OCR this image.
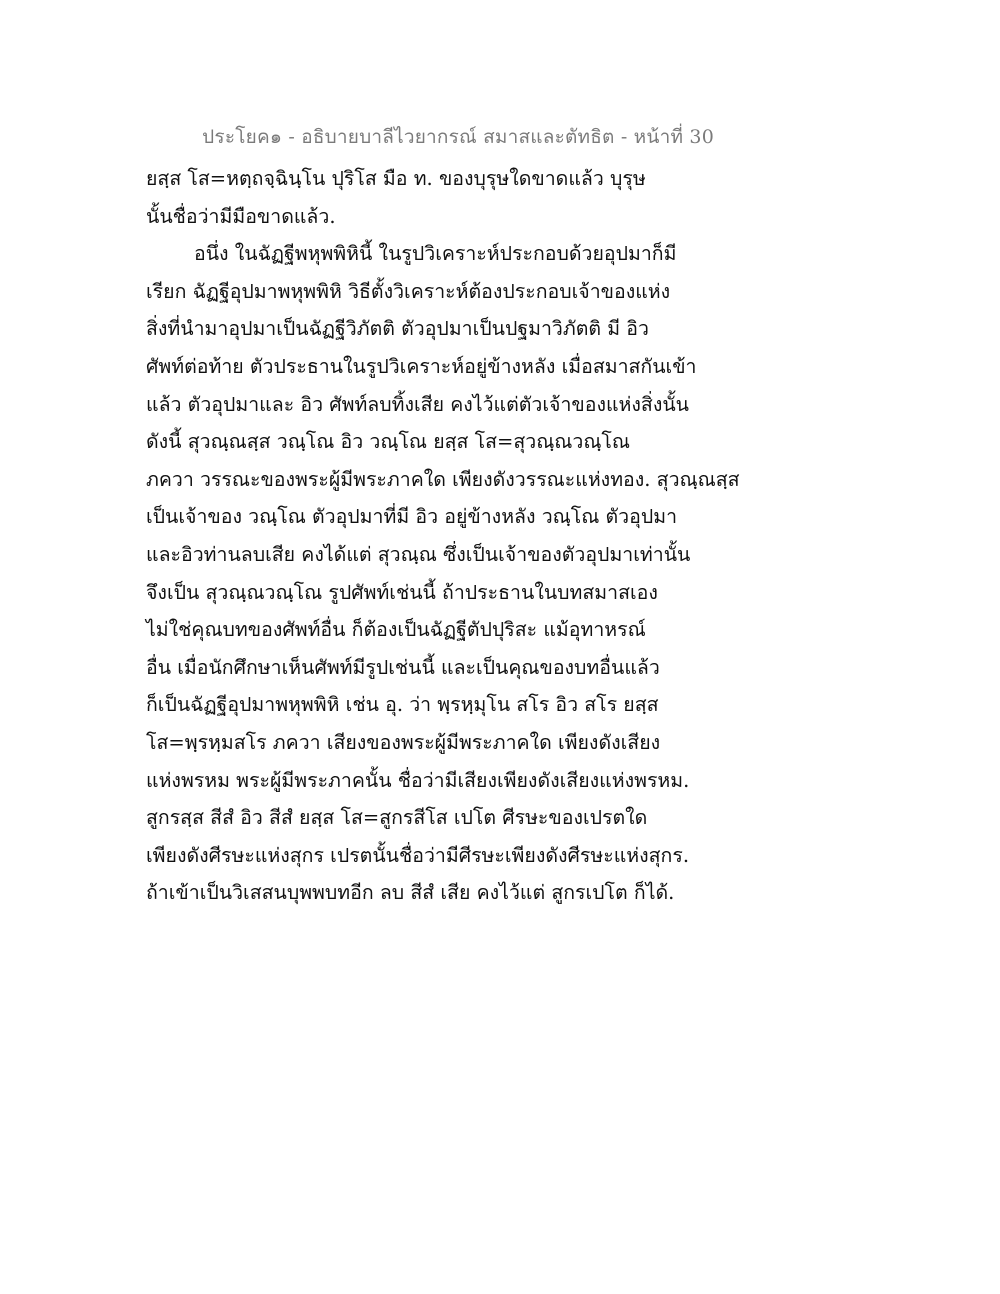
ประโยค๑ - อธิบายบาลีไวยากรณ์ สมาสและตัทธิต - หน้าที่ 30
ยสฺส โส=หตฺถจฺฉินฺโน ปุริโส มือ ท. ของบุรุษใดขาดแล้ว บุรุษ
นั้นชื่อว่ามีมือขาดแล้ว.
อนึ่ง ในฉัฏฐีพหุพพิหินี้ ในรูปวิเคราะห์ประกอบด้วยอุปมาก็มี
เรียก ฉัฏฐีอุปมาพหุพพิหิ วิธีตั้งวิเคราะห์ต้องประกอบเจ้าของแห่ง
สิ่งที่นำมาอุปมาเป็นฉัฏฐีวิภัตติ ตัวอุปมาเป็นปฐมาวิภัตติ มี อิว
ศัพท์ต่อท้าย ตัวประธานในรูปวิเคราะห์อยู่ข้างหลัง เมื่อสมาสกันเข้า
แล้ว ตัวอุปมาและ อิว ศัพท์ลบทิ้งเสีย คงไว้แต่ตัวเจ้าของแห่งสิ่งนั้น
ดังนี้ สุวณฺณสฺส วณฺโณ อิว วณฺโณ ยสฺส โส=สุวณฺณวณฺโณ
ภควา วรรณะของพระผู้มีพระภาคใด เพียงดังวรรณะแห่งทอง. สุวณฺณสฺส
เป็นเจ้าของ วณฺโณ ตัวอุปมาที่มี อิว อยู่ข้างหลัง วณฺโณ ตัวอุปมา
และอิวท่านลบเสีย คงได้แต่ สุวณฺณ ซึ่งเป็นเจ้าของตัวอุปมาเท่านั้น
จึงเป็น สุวณฺณวณฺโณ รูปศัพท์เช่นนี้ ถ้าประธานในบทสมาสเอง
ไม่ใช่คุณบทของศัพท์อื่น ก็ต้องเป็นฉัฏฐีตัปปุริสะ แม้อุทาหรณ์
อื่น เมื่อนักศึกษาเห็นศัพท์มีรูปเช่นนี้ และเป็นคุณของบทอื่นแล้ว
ก็เป็นฉัฏฐีอุปมาพหุพพิหิ เช่น อุ. ว่า พฺรหฺมุโน สโร อิว สโร ยสฺส
โส=พฺรหฺมสโร ภควา เสียงของพระผู้มีพระภาคใด เพียงดังเสียง
แห่งพรหม พระผู้มีพระภาคนั้น ชื่อว่ามีเสียงเพียงดังเสียงแห่งพรหม.
สูกรสฺส สีสํ อิว สีสํ ยสฺส โส=สูกรสีโส เปโต ศีรษะของเปรตใด
เพียงดังศีรษะแห่งสุกร เปรตนั้นชื่อว่ามีศีรษะเพียงดังศีรษะแห่งสุกร.
ถ้าเข้าเป็นวิเสสนบุพพบทอีก ลบ สีสํ เสีย คงไว้แต่ สูกรเปโต ก็ได้.
